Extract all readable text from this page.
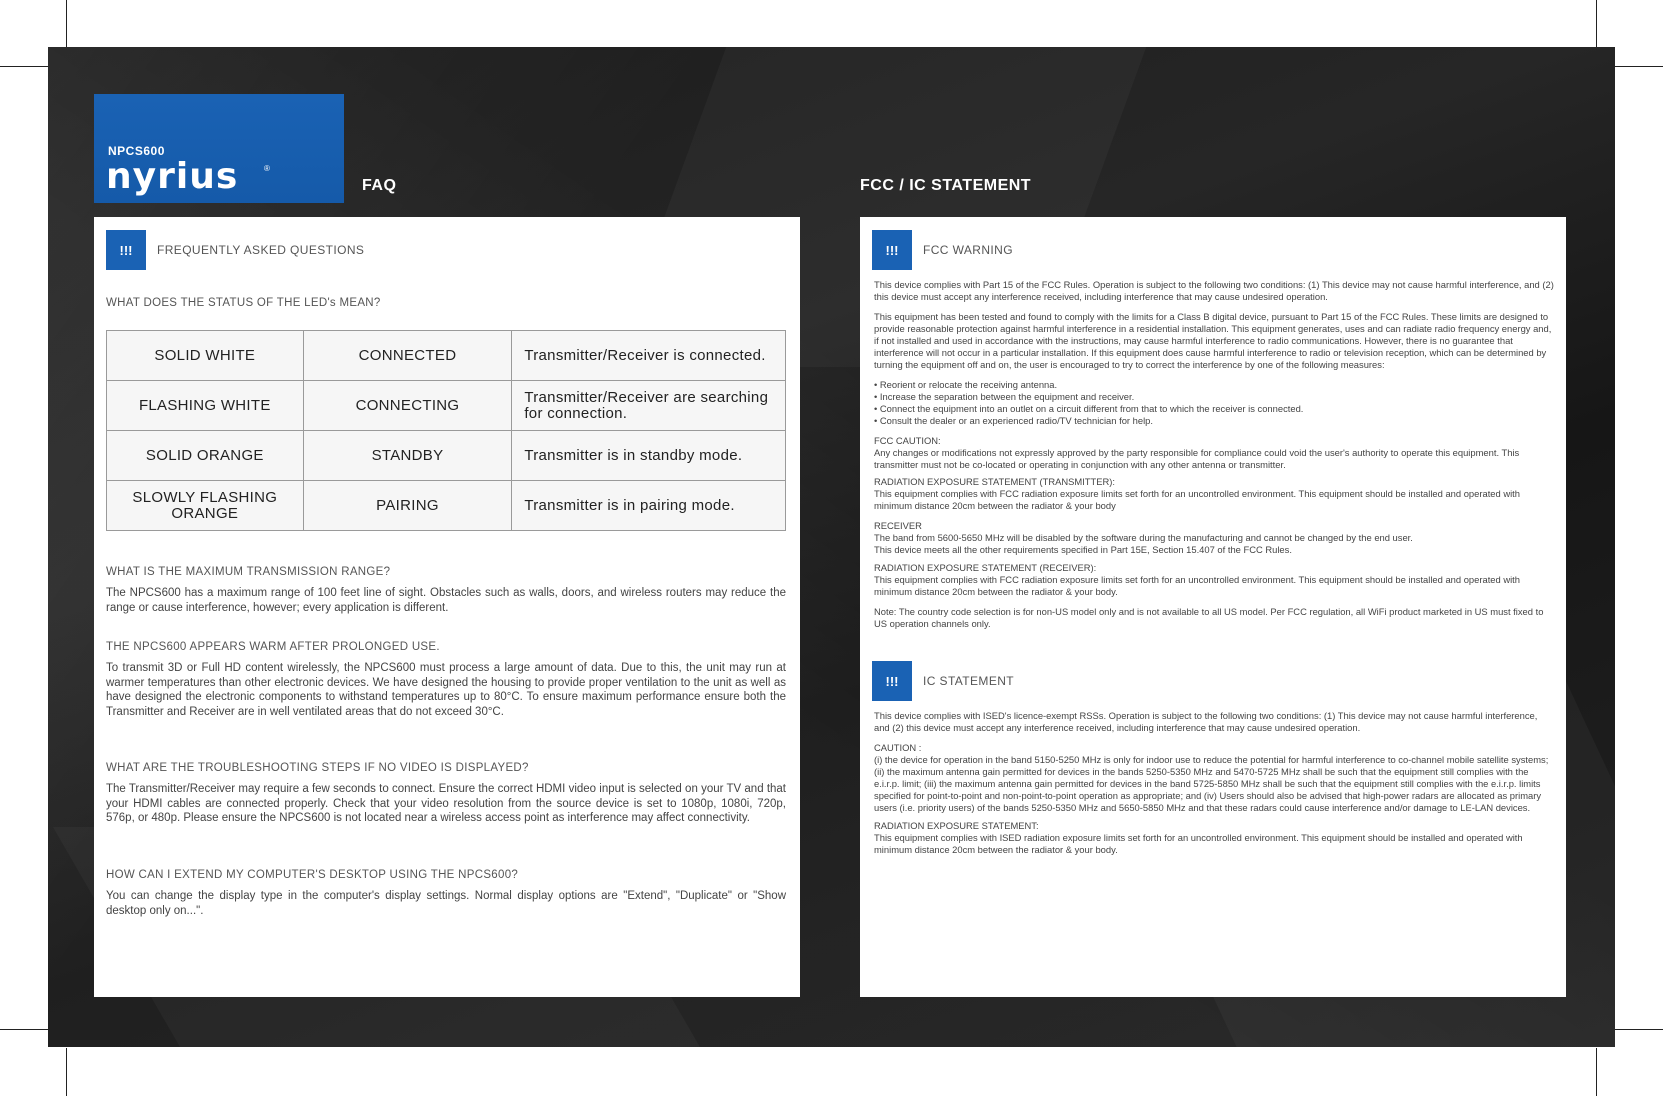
NPCS600
nyrius	®
FAQ	FCC / IC STATEMENT
!!!	FREQUENTLY ASKED QUESTIONS
WHAT DOES THE STATUS OF THE LED's MEAN?
SOLID WHITE	CONNECTED	Transmitter/Receiver is connected.
FLASHING WHITE	CONNECTING	Transmitter/Receiver are searching for connection.
SOLID ORANGE	STANDBY	Transmitter is in standby mode.
SLOWLY FLASHING ORANGE	PAIRING	Transmitter is in pairing mode.
WHAT IS THE MAXIMUM TRANSMISSION RANGE?
The NPCS600 has a maximum range of 100 feet line of sight. Obstacles such as walls, doors, and wireless routers may reduce the range or cause interference, however; every application is different.
THE NPCS600 APPEARS WARM AFTER PROLONGED USE.
To transmit 3D or Full HD content wirelessly, the NPCS600 must process a large amount of data. Due to this, the unit may run at warmer temperatures than other electronic devices. We have designed the housing to provide proper ventilation to the unit as well as have designed the electronic components to withstand temperatures up to 80°C. To ensure maximum performance ensure both the Transmitter and Receiver are in well ventilated areas that do not exceed 30°C.
WHAT ARE THE TROUBLESHOOTING STEPS IF NO VIDEO IS DISPLAYED?
The Transmitter/Receiver may require a few seconds to connect. Ensure the correct HDMI video input is selected on your TV and that your HDMI cables are connected properly. Check that your video resolution from the source device is set to 1080p, 1080i, 720p, 576p, or 480p. Please ensure the NPCS600 is not located near a wireless access point as interference may affect connectivity.
HOW CAN I EXTEND MY COMPUTER'S DESKTOP USING THE NPCS600?
You can change the display type in the computer's display settings. Normal display options are "Extend", "Duplicate" or "Show desktop only on...".
!!!	FCC WARNING

This device complies with Part 15 of the FCC Rules. Operation is subject to the following two conditions: (1) This device may not cause harmful interference, and (2) this device must accept any interference received, including interference that may cause undesired operation.

This equipment has been tested and found to comply with the limits for a Class B digital device, pursuant to Part 15 of the FCC Rules. These limits are designed to provide reasonable protection against harmful interference in a residential installation. This equipment generates, uses and can radiate radio frequency energy and, if not installed and used in accordance with the instructions, may cause harmful interference to radio communications. However, there is no guarantee that interference will not occur in a particular installation. If this equipment does cause harmful interference to radio or television reception, which can be determined by turning the equipment off and on, the user is encouraged to try to correct the interference by one of the following measures:

• Reorient or relocate the receiving antenna.

• Increase the separation between the equipment and receiver.

• Connect the equipment into an outlet on a circuit different from that to which the receiver is connected.

• Consult the dealer or an experienced radio/TV technician for help.

FCC CAUTION:

Any changes or modifications not expressly approved by the party responsible for compliance could void the user's authority to operate this equipment. This transmitter must not be co-located or operating in conjunction with any other antenna or transmitter.

RADIATION EXPOSURE STATEMENT (TRANSMITTER):

This equipment complies with FCC radiation exposure limits set forth for an uncontrolled environment. This equipment should be installed and operated with minimum distance 20cm between the radiator & your body

RECEIVER

The band from 5600-5650 MHz will be disabled by the software during the manufacturing and cannot be changed by the end user.

This device meets all the other requirements specified in Part 15E, Section 15.407 of the FCC Rules.

RADIATION EXPOSURE STATEMENT (RECEIVER):

This equipment complies with FCC radiation exposure limits set forth for an uncontrolled environment. This equipment should be installed and operated with minimum distance 20cm between the radiator & your body.

Note: The country code selection is for non-US model only and is not available to all US model. Per FCC regulation, all WiFi product marketed in US must fixed to US operation channels only.

!!!	IC STATEMENT

This device complies with ISED's licence-exempt RSSs. Operation is subject to the following two conditions: (1) This device may not cause harmful interference, and (2) this device must accept any interference received, including interference that may cause undesired operation.

CAUTION :

(i) the device for operation in the band 5150-5250 MHz is only for indoor use to reduce the potential for harmful interference to co-channel mobile satellite systems; (ii) the maximum antenna gain permitted for devices in the bands 5250-5350 MHz and 5470-5725 MHz shall be such that the equipment still complies with the e.i.r.p. limit; (iii) the maximum antenna gain permitted for devices in the band 5725-5850 MHz shall be such that the equipment still complies with the e.i.r.p. limits specified for point-to-point and non-point-to-point operation as appropriate; and (iv) Users should also be advised that high-power radars are allocated as primary users (i.e. priority users) of the bands 5250-5350 MHz and 5650-5850 MHz and that these radars could cause interference and/or damage to LE-LAN devices.

RADIATION EXPOSURE STATEMENT:

This equipment complies with ISED radiation exposure limits set forth for an uncontrolled environment. This equipment should be installed and operated with minimum distance 20cm between the radiator & your body.
